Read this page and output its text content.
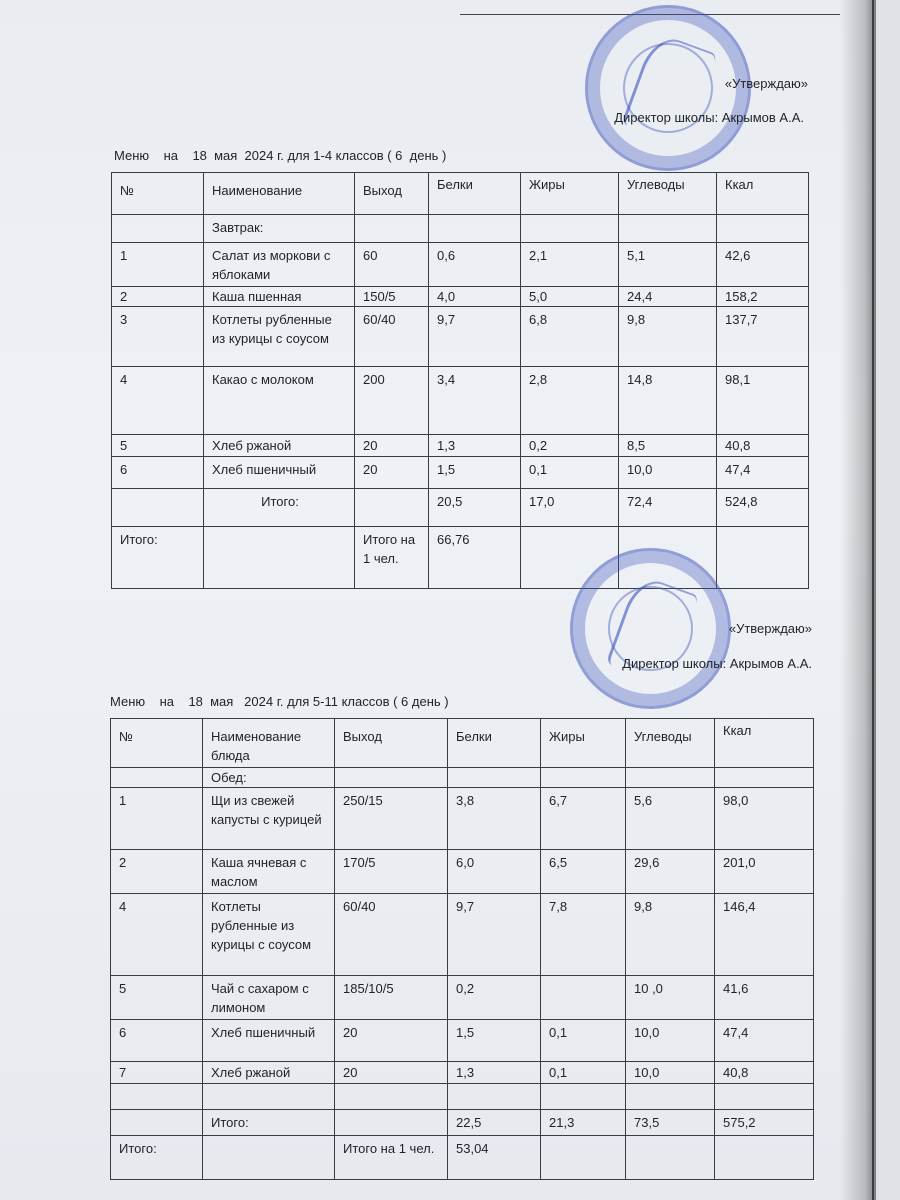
«Утверждаю»
Директор школы: Акрымов А.А.
Меню    на    18  мая  2024 г. для 1-4 классов ( 6  день )
№	Наименование	Выход	Белки	Жиры	Углеводы	Ккал
	Завтрак:					
1	Салат из моркови с яблоками	60	0,6	2,1	5,1	42,6
2	Каша пшенная	150/5	4,0	5,0	24,4	158,2
3	Котлеты рубленные из курицы с соусом	60/40	9,7	6,8	9,8	137,7
4	Какао с молоком	200	3,4	2,8	14,8	98,1
5	Хлеб ржаной	20	1,3	0,2	8,5	40,8
6	Хлеб пшеничный	20	1,5	0,1	10,0	47,4
	Итого:		20,5	17,0	72,4	524,8
Итого:		Итого на 1 чел.	66,76			
«Утверждаю»
Директор школы: Акрымов А.А.
Меню    на    18  мая   2024 г. для 5-11 классов ( 6 день )
№	Наименование блюда	Выход	Белки	Жиры	Углеводы	Ккал
	Обед:					
1	Щи из свежей капусты с курицей	250/15	3,8	6,7	5,6	98,0
2	Каша ячневая с маслом	170/5	6,0	6,5	29,6	201,0
4	Котлеты рубленные из курицы с соусом	60/40	9,7	7,8	9,8	146,4
5	Чай с сахаром с лимоном	185/10/5	0,2		10 ,0	41,6
6	Хлеб пшеничный	20	1,5	0,1	10,0	47,4
7	Хлеб ржаной	20	1,3	0,1	10,0	40,8

	Итого:		22,5	21,3	73,5	575,2
Итого:		Итого на 1 чел.	53,04			
